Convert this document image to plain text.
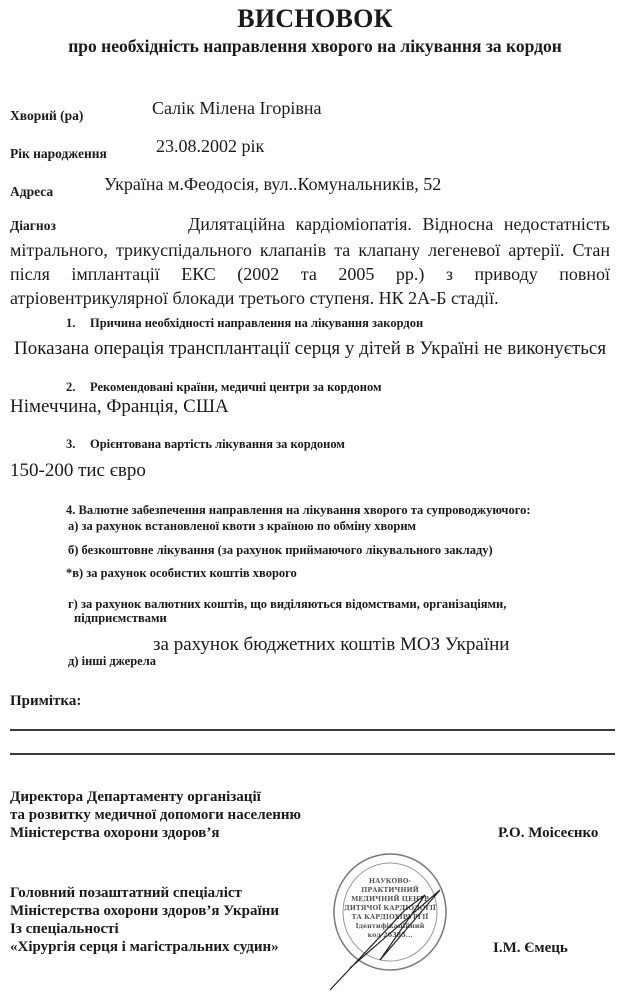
ВИСНОВОК
про необхідність направлення хворого на лікування за кордон
Хворий (ра)	Салік Мілена Ігорівна
Рік народження	23.08.2002 рік
Адреса	Україна м.Феодосія, вул..Комунальників, 52
Діагноз	Дилятаційна кардіоміопатія. Відносна недостатність мітрального, трикуспідального клапанів та клапану легеневої артерії. Стан після імплантації ЕКС (2002 та 2005 рр.) з приводу повної атріовентрикулярної блокади третього ступеня. НК 2А-Б стадії.
1. Причина необхідності направлення на лікування закордон
Показана операція трансплантації серця у дітей в Україні не виконується
2. Рекомендовані країни, медичні центри за кордоном
Німеччина, Франція, США
3. Орієнтована вартість лікування за кордоном
150-200 тис євро
4. Валютне забезпечення направлення на лікування хворого та супроводжуючого:
а) за рахунок встановленої квоти з країною по обміну хворим
б) безкоштовне лікування (за рахунок приймаючого лікувального закладу)
*в) за рахунок особистих коштів хворого
г) за рахунок валютних коштів, що виділяються відомствами, організаціями,
підприємствами
за рахунок бюджетних коштів МОЗ України
д) інші джерела
Примітка:
Директора Департаменту організації
та розвитку медичної допомоги населенню
Міністерства охорони здоров’я	Р.О. Моісеєнко
Головний позаштатний спеціаліст
Міністерства охорони здоров’я України
Із спеціальності
«Хірургія серця і магістральних судин»	І.М. Ємець
НАУКОВО-
ПРАКТИЧНИЙ
МЕДИЧНИЙ ЦЕНТР
ДИТЯЧОЇ КАРДІОЛОГІЇ
ТА КАРДІОХІРУРГІЇ
Ідентифікаційний
код 26385...
